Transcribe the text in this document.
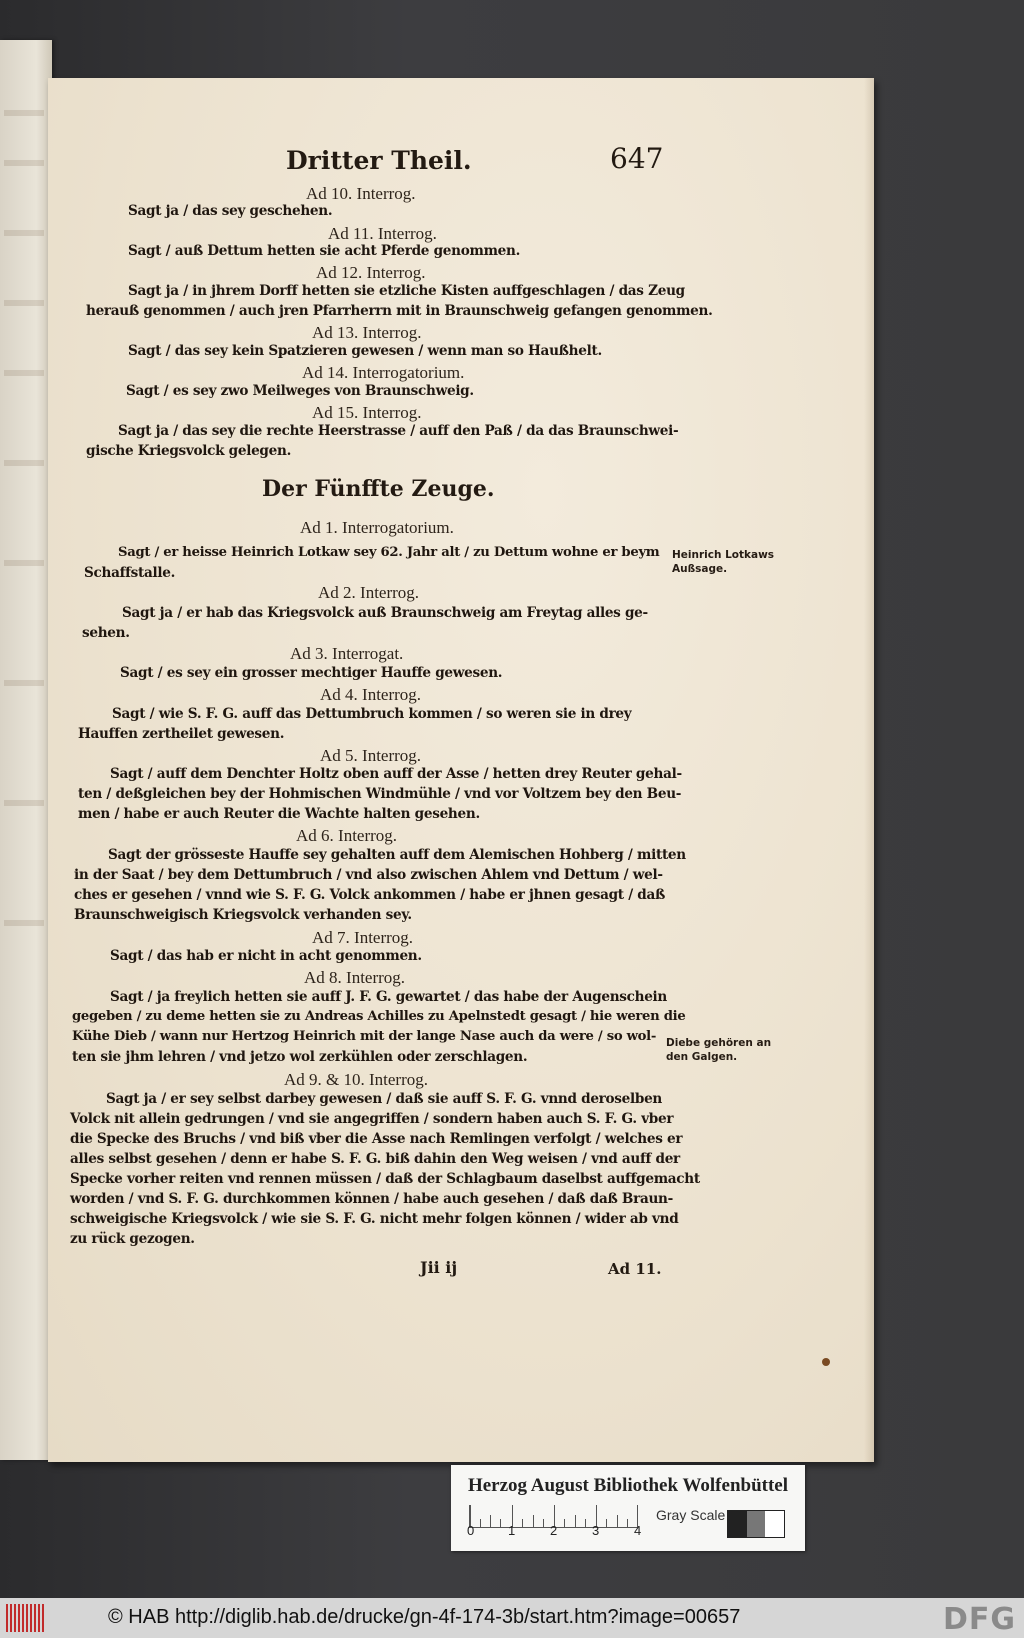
Dritter Theil.	647
Ad 10. Interrog.
Sagt ja / das sey geschehen.
Ad 11. Interrog.
Sagt / auß Dettum hetten sie acht Pferde genommen.
Ad 12. Interrog.
Sagt ja / in jhrem Dorff hetten sie etzliche Kisten auffgeschlagen / das Zeug
herauß genommen / auch jren Pfarrherrn mit in Braunschweig gefangen genommen.
Ad 13. Interrog.
Sagt / das sey kein Spatzieren gewesen / wenn man so Haußhelt.
Ad 14. Interrogatorium.
Sagt / es sey zwo Meilweges von Braunschweig.
Ad 15. Interrog.
Sagt ja / das sey die rechte Heerstrasse / auff den Paß / da das Braunschwei-
gische Kriegsvolck gelegen.
Der Fünffte Zeuge.
Ad 1. Interrogatorium.
Sagt / er heisse Heinrich Lotkaw sey 62. Jahr alt / zu Dettum wohne er beym
Schaffstalle.
Ad 2. Interrog.
Sagt ja / er hab das Kriegsvolck auß Braunschweig am Freytag alles ge-
sehen.
Ad 3. Interrogat.
Sagt / es sey ein grosser mechtiger Hauffe gewesen.
Ad 4. Interrog.
Sagt / wie S. F. G. auff das Dettumbruch kommen / so weren sie in drey
Hauffen zertheilet gewesen.
Ad 5. Interrog.
Sagt / auff dem Denchter Holtz oben auff der Asse / hetten drey Reuter gehal-
ten / deßgleichen bey der Hohmischen Windmühle / vnd vor Voltzem bey den Beu-
men / habe er auch Reuter die Wachte halten gesehen.
Ad 6. Interrog.
Sagt der grösseste Hauffe sey gehalten auff dem Alemischen Hohberg / mitten
in der Saat / bey dem Dettumbruch / vnd also zwischen Ahlem vnd Dettum / wel-
ches er gesehen / vnnd wie S. F. G. Volck ankommen / habe er jhnen gesagt / daß
Braunschweigisch Kriegsvolck verhanden sey.
Ad 7. Interrog.
Sagt / das hab er nicht in acht genommen.
Ad 8. Interrog.
Sagt / ja freylich hetten sie auff J. F. G. gewartet / das habe der Augenschein
gegeben / zu deme hetten sie zu Andreas Achilles zu Apelnstedt gesagt / hie weren die
Kühe Dieb / wann nur Hertzog Heinrich mit der lange Nase auch da were / so wol-
ten sie jhm lehren / vnd jetzo wol zerkühlen oder zerschlagen.
Ad 9. & 10. Interrog.
Sagt ja / er sey selbst darbey gewesen / daß sie auff S. F. G. vnnd deroselben
Volck nit allein gedrungen / vnd sie angegriffen / sondern haben auch S. F. G. vber
die Specke des Bruchs / vnd biß vber die Asse nach Remlingen verfolgt / welches er
alles selbst gesehen / denn er habe S. F. G. biß dahin den Weg weisen / vnd auff der
Specke vorher reiten vnd rennen müssen / daß der Schlagbaum daselbst auffgemacht
worden / vnd S. F. G. durchkommen können / habe auch gesehen / daß daß Braun-
schweigische Kriegsvolck / wie sie S. F. G. nicht mehr folgen können / wider ab vnd
zu rück gezogen.
Jii ij	Ad 11.
Heinrich Lotkaws
Außsage.
Diebe gehören an
den Galgen.
Herzog August Bibliothek Wolfenbüttel
0	1	2	3	4
Gray Scale
© HAB http://diglib.hab.de/drucke/gn-4f-174-3b/start.htm?image=00657	DFG
